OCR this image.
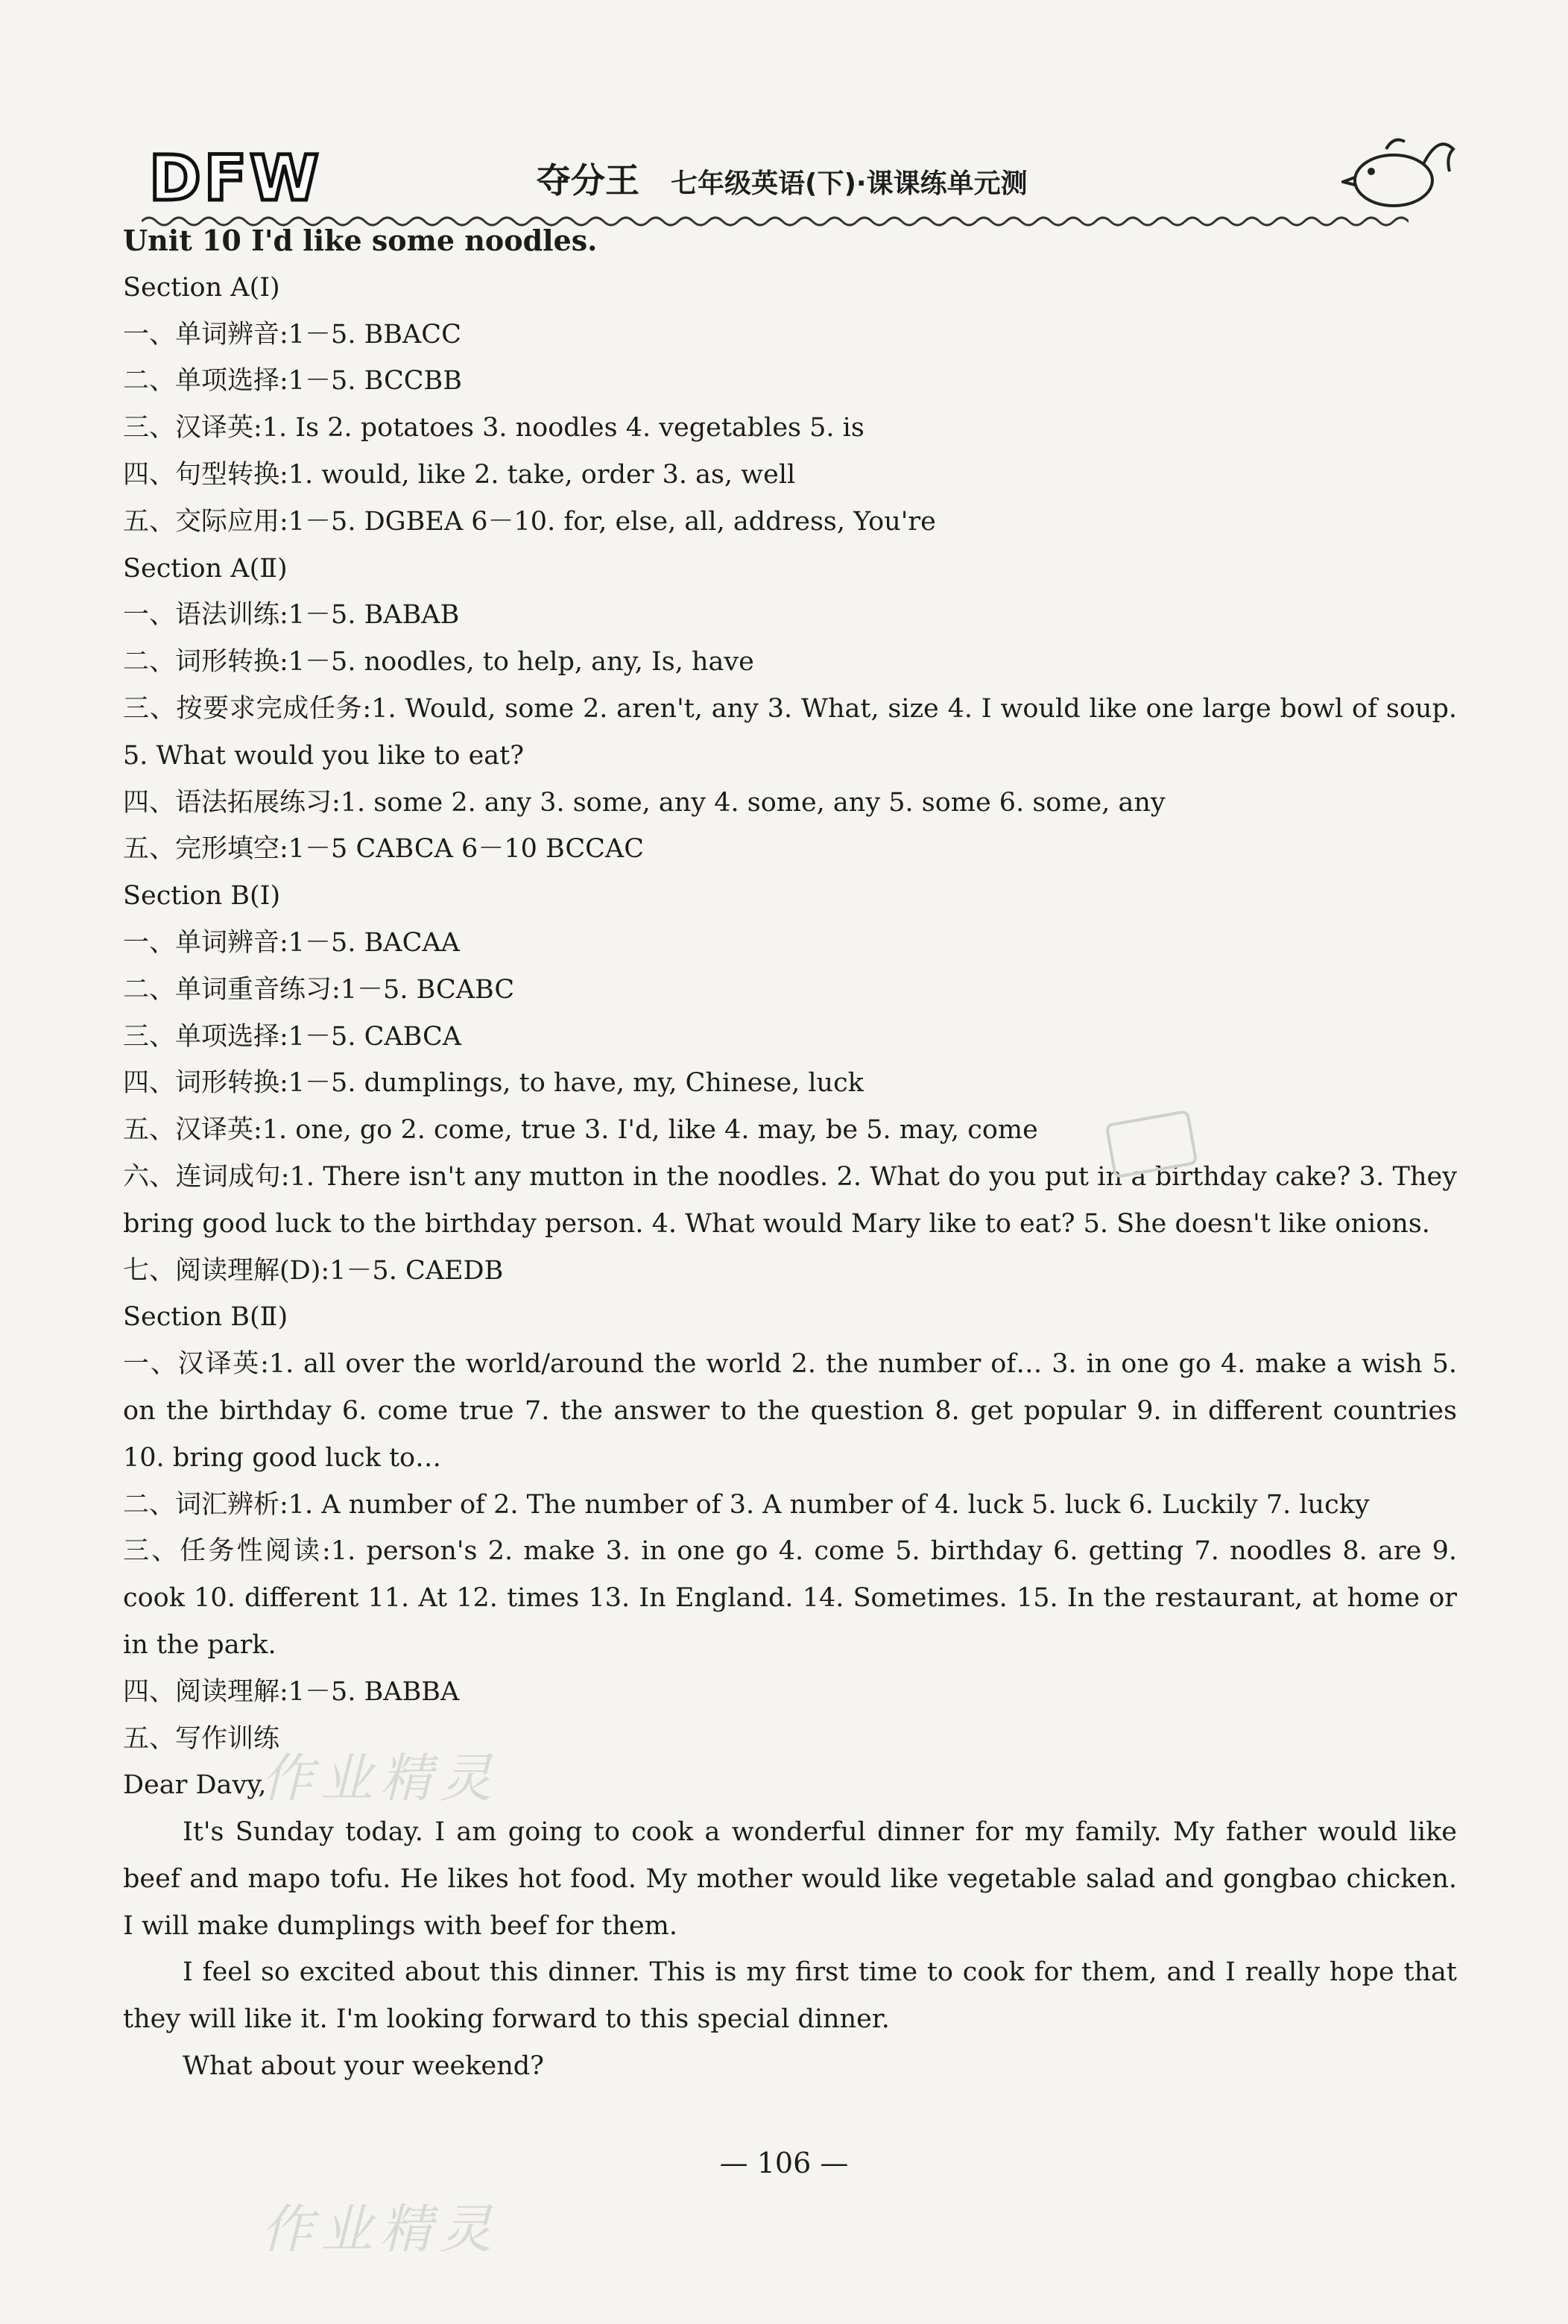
DFW	夺分王 七年级英语(下)·课课练单元测
Unit 10 I'd like some noodles.
Section A(Ⅰ)
一、单词辨音:1－5. BBACC
二、单项选择:1－5. BCCBB
三、汉译英:1. Is 2. potatoes 3. noodles 4. vegetables 5. is
四、句型转换:1. would, like 2. take, order 3. as, well
五、交际应用:1－5. DGBEA 6－10. for, else, all, address, You're
Section A(Ⅱ)
一、语法训练:1－5. BABAB
二、词形转换:1－5. noodles, to help, any, Is, have
三、按要求完成任务:1. Would, some 2. aren't, any 3. What, size 4. I would like one large bowl of soup. 5. What would you like to eat?
四、语法拓展练习:1. some 2. any 3. some, any 4. some, any 5. some 6. some, any
五、完形填空:1－5 CABCA 6－10 BCCAC
Section B(Ⅰ)
一、单词辨音:1－5. BACAA
二、单词重音练习:1－5. BCABC
三、单项选择:1－5. CABCA
四、词形转换:1－5. dumplings, to have, my, Chinese, luck
五、汉译英:1. one, go 2. come, true 3. I'd, like 4. may, be 5. may, come
六、连词成句:1. There isn't any mutton in the noodles. 2. What do you put in a birthday cake? 3. They bring good luck to the birthday person. 4. What would Mary like to eat? 5. She doesn't like onions.
七、阅读理解(D):1－5. CAEDB
Section B(Ⅱ)
一、汉译英:1. all over the world/around the world 2. the number of… 3. in one go 4. make a wish 5. on the birthday 6. come true 7. the answer to the question 8. get popular 9. in different countries 10. bring good luck to…
二、词汇辨析:1. A number of 2. The number of 3. A number of 4. luck 5. luck 6. Luckily 7. lucky
三、任务性阅读:1. person's 2. make 3. in one go 4. come 5. birthday 6. getting 7. noodles 8. are 9. cook 10. different 11. At 12. times 13. In England. 14. Sometimes. 15. In the restaurant, at home or in the park.
四、阅读理解:1－5. BABBA
五、写作训练
Dear Davy,
It's Sunday today. I am going to cook a wonderful dinner for my family. My father would like beef and mapo tofu. He likes hot food. My mother would like vegetable salad and gongbao chicken. I will make dumplings with beef for them.
I feel so excited about this dinner. This is my first time to cook for them, and I really hope that they will like it. I'm looking forward to this special dinner.
What about your weekend?
作业精灵
作业精灵
— 106 —
